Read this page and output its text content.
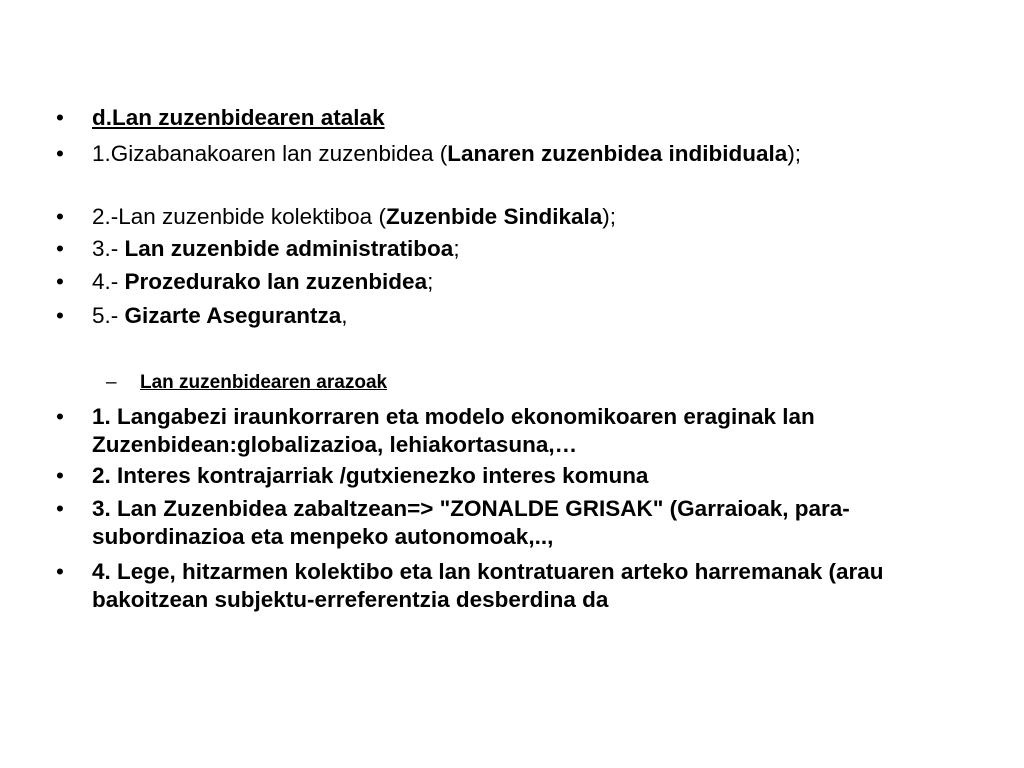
•	d.Lan zuzenbidearen atalak
•	1.Gizabanakoaren lan zuzenbidea (Lanaren zuzenbidea indibiduala);
•	2.-Lan zuzenbide kolektiboa (Zuzenbide Sindikala);
•	3.- Lan zuzenbide administratiboa;
•	4.- Prozedurako lan zuzenbidea;
•	5.- Gizarte Asegurantza,
– Lan zuzenbidearen arazoak
•	1. Langabezi iraunkorraren eta modelo ekonomikoaren eraginak lan Zuzenbidean:globalizazioa, lehiakortasuna,…
•	2. Interes kontrajarriak /gutxienezko interes komuna
•	3. Lan Zuzenbidea zabaltzean=> "ZONALDE GRISAK" (Garraioak, para-subordinazioa eta menpeko autonomoak,..,
•	4. Lege, hitzarmen kolektibo eta lan kontratuaren arteko harremanak (arau bakoitzean subjektu-erreferentzia desberdina da
